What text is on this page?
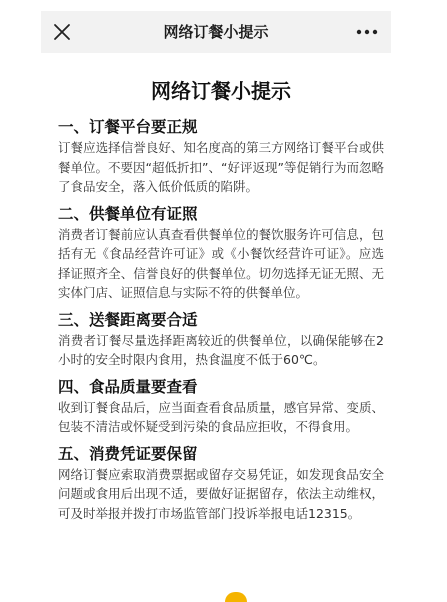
网络订餐小提示
网络订餐小提示
一、订餐平台要正规

订餐应选择信誉良好、知名度高的第三方网络订餐平台或供餐单位。不要因“超低折扣”、“好评返现”等促销行为而忽略了食品安全，落入低价低质的陷阱。

二、供餐单位有证照

消费者订餐前应认真查看供餐单位的餐饮服务许可信息，包括有无《食品经营许可证》或《小餐饮经营许可证》。应选择证照齐全、信誉良好的供餐单位。切勿选择无证无照、无实体门店、证照信息与实际不符的供餐单位。

三、送餐距离要合适

消费者订餐尽量选择距离较近的供餐单位，以确保能够在2小时的安全时限内食用，热食温度不低于60℃。

四、食品质量要查看

收到订餐食品后，应当面查看食品质量，感官异常、变质、包装不清洁或怀疑受到污染的食品应拒收，不得食用。

五、消费凭证要保留

网络订餐应索取消费票据或留存交易凭证，如发现食品安全问题或食用后出现不适，要做好证据留存，依法主动维权，可及时举报并拨打市场监管部门投诉举报电话12315。
